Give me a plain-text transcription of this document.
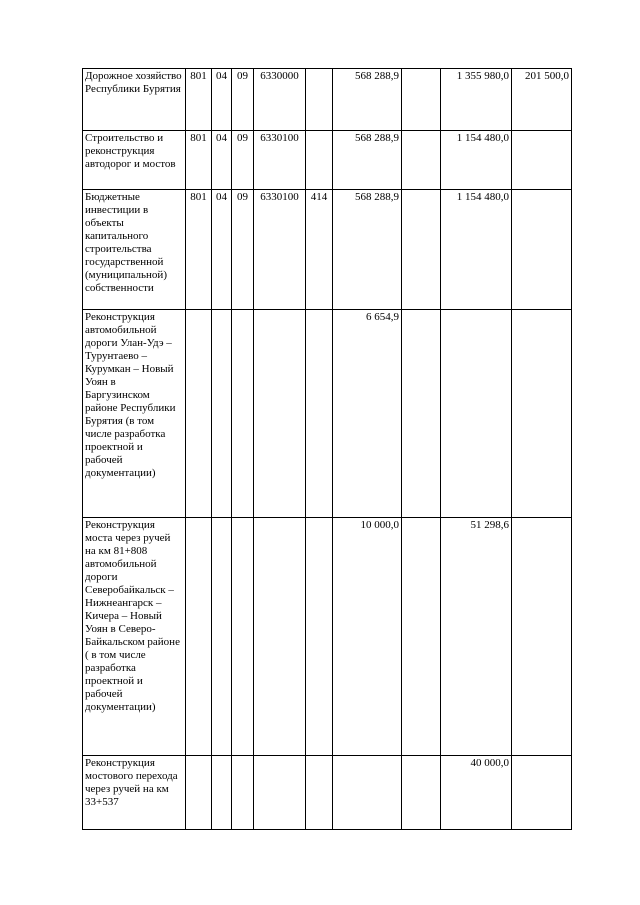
Дорожное хозяйство Республики Бурятия	801	04	09	6330000		568 288,9		1 355 980,0	201 500,0
Строительство и реконструкция автодорог и мостов	801	04	09	6330100		568 288,9		1 154 480,0	
Бюджетные инвестиции в объекты капитального строительства государственной (муниципальной) собственности	801	04	09	6330100	414	568 288,9		1 154 480,0	
Реконструкция автомобильной дороги Улан-Удэ – Турунтаево – Курумкан – Новый Уоян в Баргузинском районе Республики Бурятия (в том числе разработка проектной и рабочей документации)						6 654,9			
Реконструкция моста через ручей на км 81+808 автомобильной дороги Северобайкальск – Нижнеангарск –Кичера – Новый Уоян в Северо-Байкальском районе ( в том числе разработка проектной и рабочей документации)						10 000,0		51 298,6	
Реконструкция мостового перехода через ручей на км 33+537								40 000,0	
